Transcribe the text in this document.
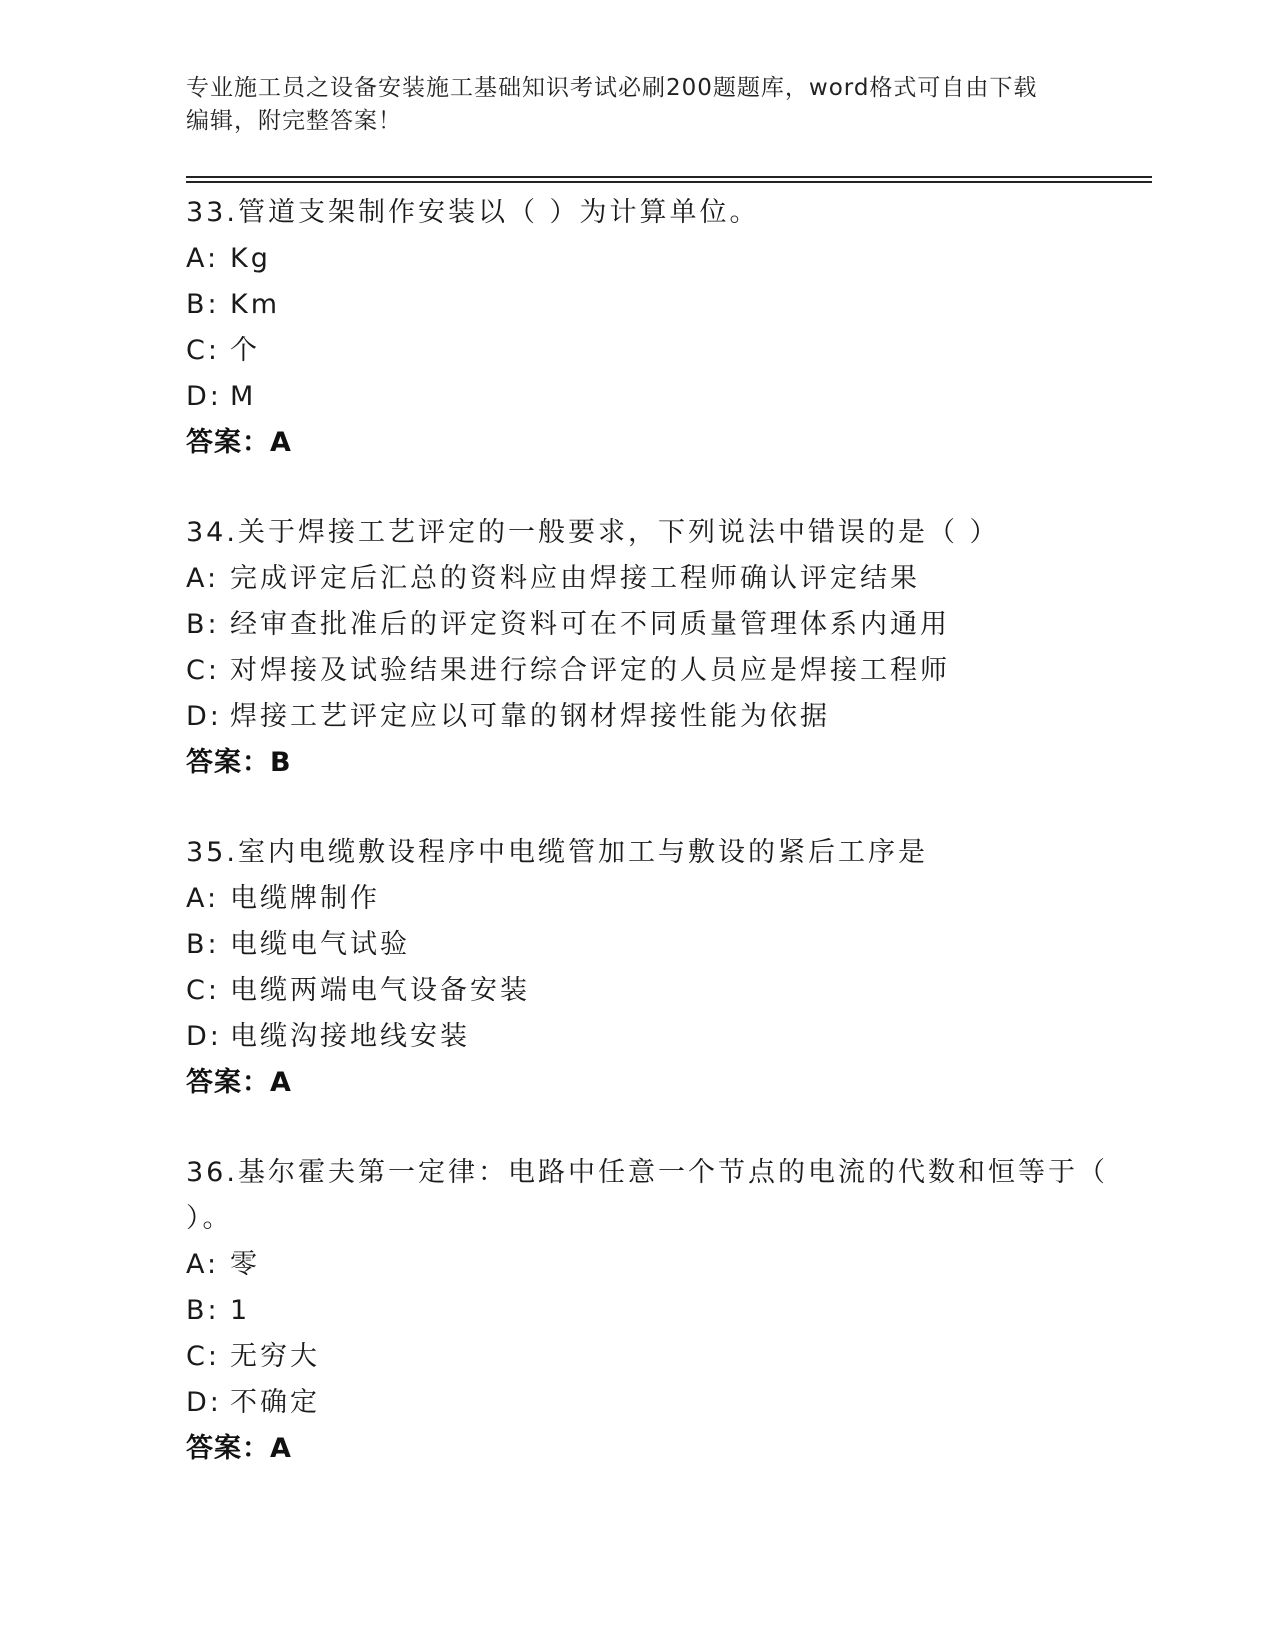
专业施工员之设备安装施工基础知识考试必刷200题题库，word格式可自由下载
编辑，附完整答案！
33.管道支架制作安装以（ ）为计算单位。
A: Kg
B: Km
C: 个
D: M
答案：A
34.关于焊接工艺评定的一般要求，下列说法中错误的是（ ）
A: 完成评定后汇总的资料应由焊接工程师确认评定结果
B: 经审查批准后的评定资料可在不同质量管理体系内通用
C: 对焊接及试验结果进行综合评定的人员应是焊接工程师
D: 焊接工艺评定应以可靠的钢材焊接性能为依据
答案：B
35.室内电缆敷设程序中电缆管加工与敷设的紧后工序是
A: 电缆牌制作
B: 电缆电气试验
C: 电缆两端电气设备安装
D: 电缆沟接地线安装
答案：A
36.基尔霍夫第一定律：电路中任意一个节点的电流的代数和恒等于（
）。
A: 零
B: 1
C: 无穷大
D: 不确定
答案：A
